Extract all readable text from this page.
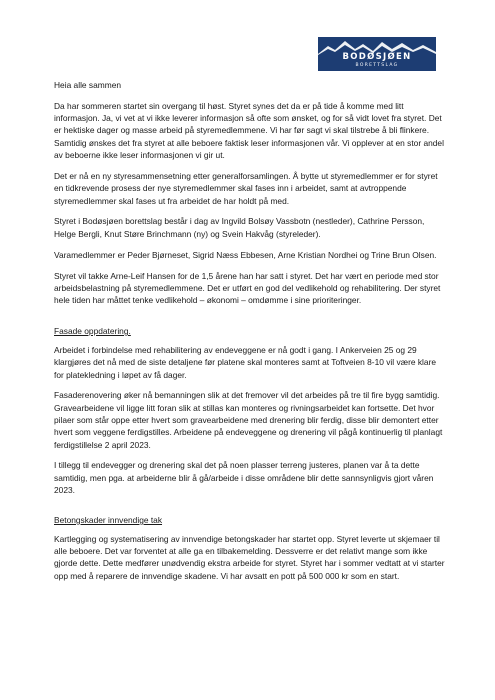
BODØSJØEN
BORETTSLAG

Heia alle sammen

Da har sommeren startet sin overgang til høst. Styret synes det da er på tide å komme med litt informasjon. Ja, vi vet at vi ikke leverer informasjon så ofte som ønsket, og for så vidt lovet fra styret. Det er hektiske dager og masse arbeid på styremedlemmene. Vi har før sagt vi skal tilstrebe å bli flinkere. Samtidig ønskes det fra styret at alle beboere faktisk leser informasjonen vår. Vi opplever at en stor andel av beboerne ikke leser informasjonen vi gir ut.

Det er nå en ny styresammensetning etter generalforsamlingen. Å bytte ut styremedlemmer er for styret en tidkrevende prosess der nye styremedlemmer skal fases inn i arbeidet, samt at avtroppende styremedlemmer skal fases ut fra arbeidet de har holdt på med.

Styret i Bodøsjøen borettslag består i dag av Ingvild Bolsøy Vassbotn (nestleder), Cathrine Persson, Helge Bergli, Knut Støre Brinchmann (ny) og Svein Hakvåg (styreleder).

Varamedlemmer er Peder Bjørneset, Sigrid Næss Ebbesen, Arne Kristian Nordhei og Trine Brun Olsen.

Styret vil takke Arne-Leif Hansen for de 1,5 årene han har satt i styret. Det har vært en periode med stor arbeidsbelastning på styremedlemmene. Det er utført en god del vedlikehold og rehabilitering. Der styret hele tiden har måttet tenke vedlikehold – økonomi – omdømme i sine prioriteringer.

Fasade oppdatering.

Arbeidet i forbindelse med rehabilitering av endeveggene er nå godt i gang. I Ankerveien 25 og 29 klargjøres det nå med de siste detaljene før platene skal monteres samt at Toftveien 8-10 vil være klare for platekledning i løpet av få dager.

Fasaderenovering øker nå bemanningen slik at det fremover vil det arbeides på tre til fire bygg samtidig. Gravearbeidene vil ligge litt foran slik at stillas kan monteres og rivningsarbeidet kan fortsette. Det hvor pilaer som står oppe etter hvert som gravearbeidene med drenering blir ferdig, disse blir demontert etter hvert som veggene ferdigstilles. Arbeidene på endeveggene og drenering vil pågå kontinuerlig til planlagt ferdigstillelse 2 april 2023.

I tillegg til endevegger og drenering skal det på noen plasser terreng justeres, planen var å ta dette samtidig, men pga. at arbeiderne blir å gå/arbeide i disse områdene blir dette sannsynligvis gjort våren 2023.

Betongskader innvendige tak

Kartlegging og systematisering av innvendige betongskader har startet opp. Styret leverte ut skjemaer til alle beboere. Det var forventet at alle ga en tilbakemelding. Dessverre er det relativt mange som ikke gjorde dette. Dette medfører unødvendig ekstra arbeide for styret. Styret har i sommer vedtatt at vi starter opp med å reparere de innvendige skadene. Vi har avsatt en pott på 500 000 kr som en start.
